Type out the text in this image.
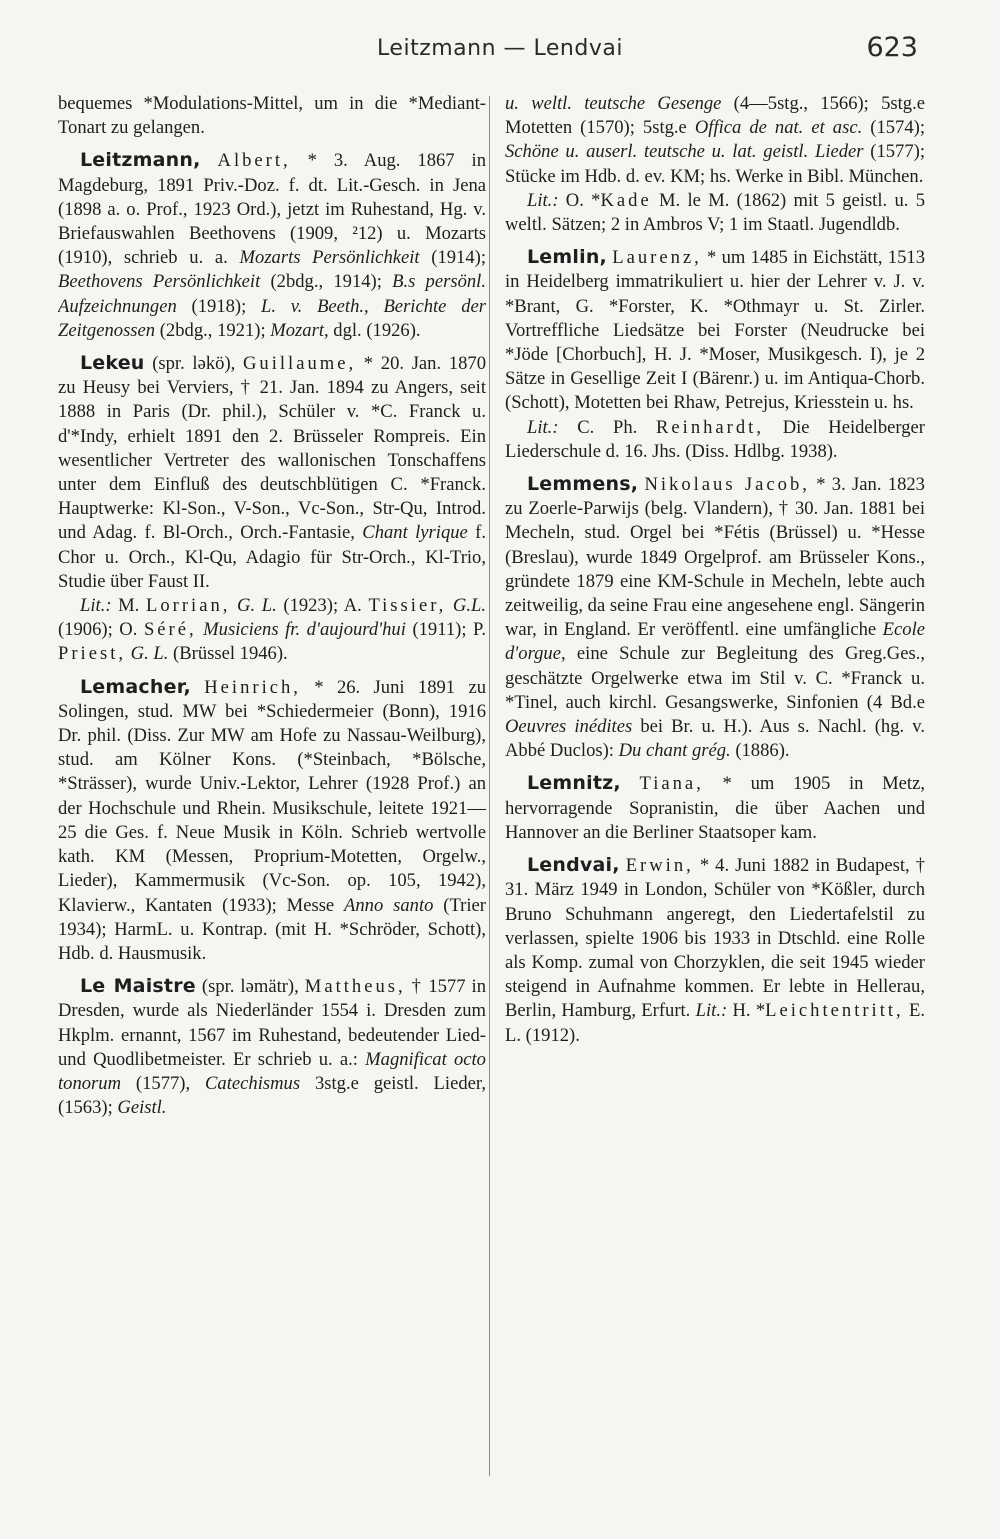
Leitzmann — Lendvai	623

bequemes *Modulations-Mittel, um in die *Mediant-Tonart zu gelangen.

Leitzmann, Albert, * 3. Aug. 1867 in Magdeburg, 1891 Priv.-Doz. f. dt. Lit.-Gesch. in Jena (1898 a. o. Prof., 1923 Ord.), jetzt im Ruhestand, Hg. v. Briefauswahlen Beethovens (1909, ²12) u. Mozarts (1910), schrieb u. a. Mozarts Persönlichkeit (1914); Beethovens Persönlichkeit (2bdg., 1914); B.s persönl. Aufzeichnungen (1918); L. v. Beeth., Berichte der Zeitgenossen (2bdg., 1921); Mozart, dgl. (1926).

Lekeu (spr. ləkö), Guillaume, * 20. Jan. 1870 zu Heusy bei Verviers, † 21. Jan. 1894 zu Angers, seit 1888 in Paris (Dr. phil.), Schüler v. *C. Franck u. d'*Indy, erhielt 1891 den 2. Brüsseler Rompreis. Ein wesentlicher Vertreter des wallonischen Tonschaffens unter dem Einfluß des deutschblütigen C. *Franck. Hauptwerke: Kl-Son., V-Son., Vc-Son., Str-Qu, Introd. und Adag. f. Bl-Orch., Orch.-Fantasie, Chant lyrique f. Chor u. Orch., Kl-Qu, Adagio für Str-Orch., Kl-Trio, Studie über Faust II.

Lit.: M. Lorrian, G. L. (1923); A. Tissier, G.L. (1906); O. Séré, Musiciens fr. d'aujourd'hui (1911); P. Priest, G. L. (Brüssel 1946).

Lemacher, Heinrich, * 26. Juni 1891 zu Solingen, stud. MW bei *Schiedermeier (Bonn), 1916 Dr. phil. (Diss. Zur MW am Hofe zu Nassau-Weilburg), stud. am Kölner Kons. (*Steinbach, *Bölsche, *Strässer), wurde Univ.-Lektor, Lehrer (1928 Prof.) an der Hochschule und Rhein. Musikschule, leitete 1921—25 die Ges. f. Neue Musik in Köln. Schrieb wertvolle kath. KM (Messen, Proprium-Motetten, Orgelw., Lieder), Kammermusik (Vc-Son. op. 105, 1942), Klavierw., Kantaten (1933); Messe Anno santo (Trier 1934); HarmL. u. Kontrap. (mit H. *Schröder, Schott), Hdb. d. Hausmusik.

Le Maistre (spr. ləmätr), Mattheus, † 1577 in Dresden, wurde als Niederländer 1554 i. Dresden zum Hkplm. ernannt, 1567 im Ruhestand, bedeutender Lied- und Quodlibetmeister. Er schrieb u. a.: Magnificat octo tonorum (1577), Catechismus 3stg.e geistl. Lieder, (1563); Geistl.

u. weltl. teutsche Gesenge (4—5stg., 1566); 5stg.e Motetten (1570); 5stg.e Offica de nat. et asc. (1574); Schöne u. auserl. teutsche u. lat. geistl. Lieder (1577); Stücke im Hdb. d. ev. KM; hs. Werke in Bibl. München.

Lit.: O. *Kade M. le M. (1862) mit 5 geistl. u. 5 weltl. Sätzen; 2 in Ambros V; 1 im Staatl. Jugendldb.

Lemlin, Laurenz, * um 1485 in Eichstätt, 1513 in Heidelberg immatrikuliert u. hier der Lehrer v. J. v. *Brant, G. *Forster, K. *Othmayr u. St. Zirler. Vortreffliche Liedsätze bei Forster (Neudrucke bei *Jöde [Chorbuch], H. J. *Moser, Musikgesch. I), je 2 Sätze in Gesellige Zeit I (Bärenr.) u. im Antiqua-Chorb. (Schott), Motetten bei Rhaw, Petrejus, Kriesstein u. hs.

Lit.: C. Ph. Reinhardt, Die Heidelberger Liederschule d. 16. Jhs. (Diss. Hdlbg. 1938).

Lemmens, Nikolaus Jacob, * 3. Jan. 1823 zu Zoerle-Parwijs (belg. Vlandern), † 30. Jan. 1881 bei Mecheln, stud. Orgel bei *Fétis (Brüssel) u. *Hesse (Breslau), wurde 1849 Orgelprof. am Brüsseler Kons., gründete 1879 eine KM-Schule in Mecheln, lebte auch zeitweilig, da seine Frau eine angesehene engl. Sängerin war, in England. Er veröffentl. eine umfängliche Ecole d'orgue, eine Schule zur Begleitung des Greg.Ges., geschätzte Orgelwerke etwa im Stil v. C. *Franck u. *Tinel, auch kirchl. Gesangswerke, Sinfonien (4 Bd.e Oeuvres inédites bei Br. u. H.). Aus s. Nachl. (hg. v. Abbé Duclos): Du chant grég. (1886).

Lemnitz, Tiana, * um 1905 in Metz, hervorragende Sopranistin, die über Aachen und Hannover an die Berliner Staatsoper kam.

Lendvai, Erwin, * 4. Juni 1882 in Budapest, † 31. März 1949 in London, Schüler von *Kößler, durch Bruno Schuhmann angeregt, den Liedertafelstil zu verlassen, spielte 1906 bis 1933 in Dtschld. eine Rolle als Komp. zumal von Chorzyklen, die seit 1945 wieder steigend in Aufnahme kommen. Er lebte in Hellerau, Berlin, Hamburg, Erfurt. Lit.: H. *Leichtentritt, E. L. (1912).
